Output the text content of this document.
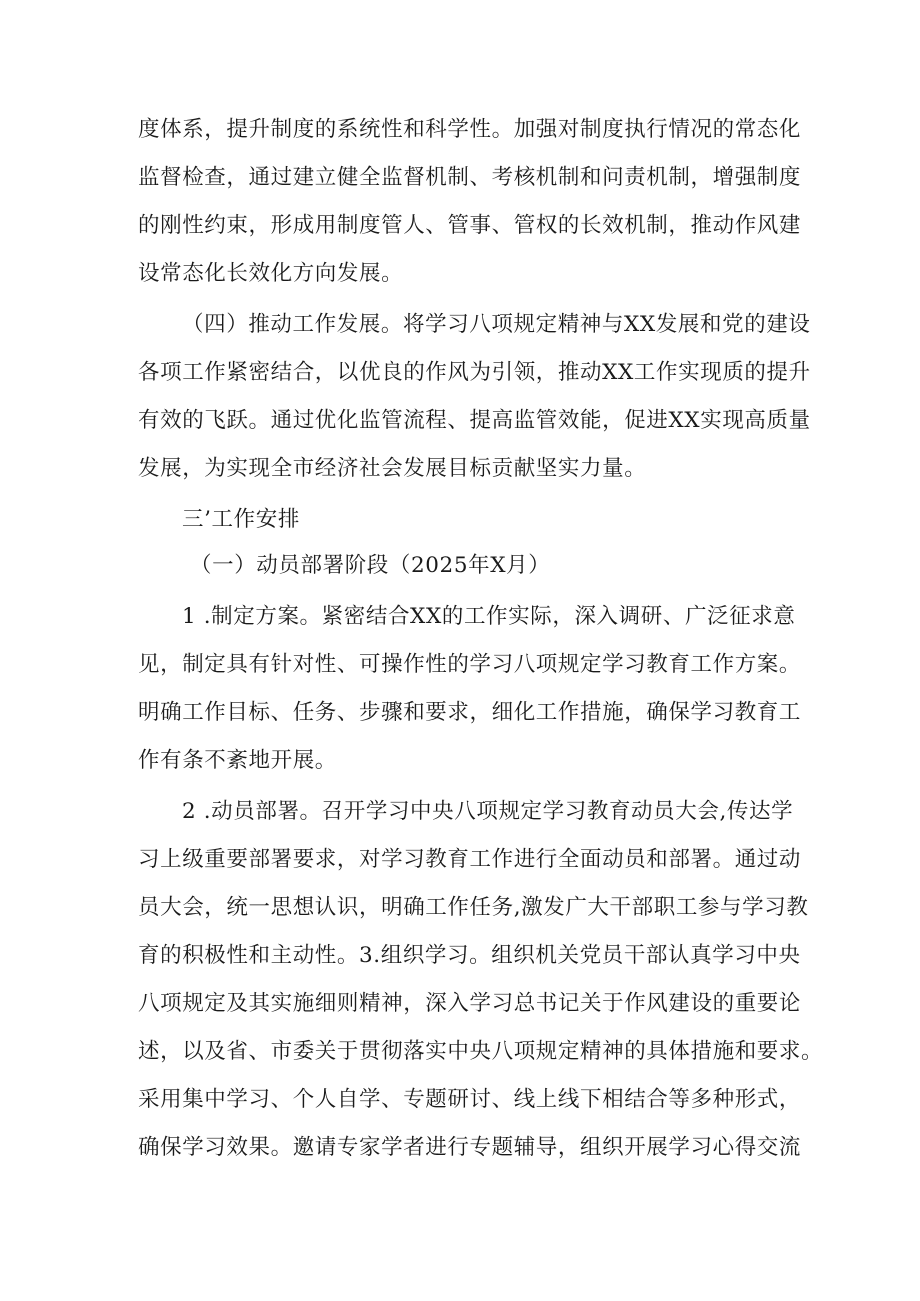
度体系，提升制度的系统性和科学性。加强对制度执行情况的常态化
监督检查，通过建立健全监督机制、考核机制和问责机制，增强制度
的刚性约束，形成用制度管人、管事、管权的长效机制，推动作风建
设常态化长效化方向发展。
（四）推动工作发展。将学习八项规定精神与XX发展和党的建设
各项工作紧密结合，以优良的作风为引领，推动XX工作实现质的提升
有效的飞跃。通过优化监管流程、提高监管效能，促进XX实现高质量
发展，为实现全市经济社会发展目标贡献坚实力量。
三’工作安排
（一）动员部署阶段（2025年X月）
1 .制定方案。紧密结合XX的工作实际，深入调研、广泛征求意
见，制定具有针对性、可操作性的学习八项规定学习教育工作方案。
明确工作目标、任务、步骤和要求，细化工作措施，确保学习教育工
作有条不紊地开展。
2 .动员部署。召开学习中央八项规定学习教育动员大会,传达学
习上级重要部署要求，对学习教育工作进行全面动员和部署。通过动
员大会，统一思想认识，明确工作任务,激发广大干部职工参与学习教
育的积极性和主动性。3.组织学习。组织机关党员干部认真学习中央
八项规定及其实施细则精神，深入学习总书记关于作风建设的重要论
述，以及省、市委关于贯彻落实中央八项规定精神的具体措施和要求。
采用集中学习、个人自学、专题研讨、线上线下相结合等多种形式，
确保学习效果。邀请专家学者进行专题辅导，组织开展学习心得交流
